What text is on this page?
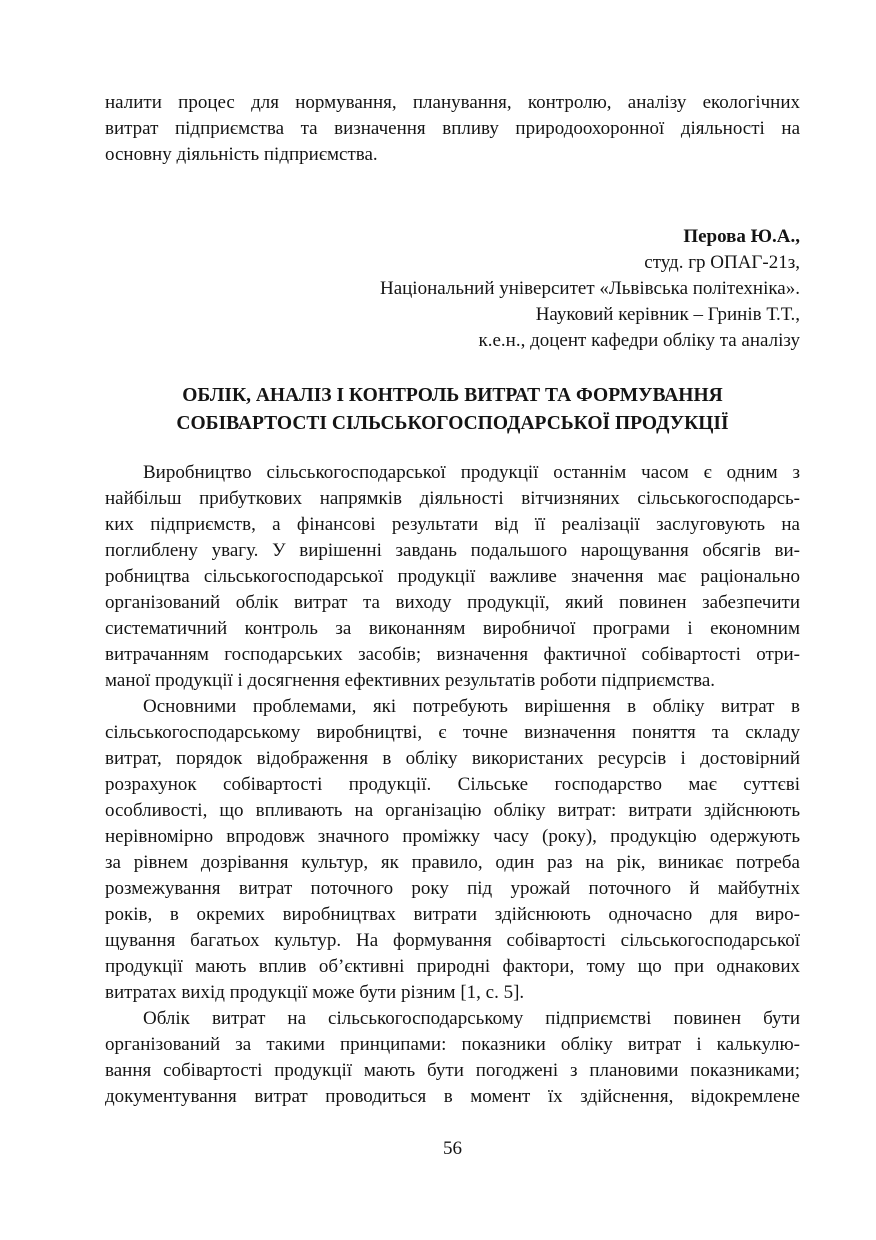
налити процес для нормування, планування, контролю, аналізу екологічних
витрат підприємства та визначення впливу природоохоронної діяльності на
основну діяльність підприємства.
Перова Ю.А.,
студ. гр ОПАГ-21з,
Національний університет «Львівська політехніка».
Науковий керівник – Гринів Т.Т.,
к.е.н., доцент кафедри обліку та аналізу
ОБЛІК, АНАЛІЗ І КОНТРОЛЬ ВИТРАТ ТА ФОРМУВАННЯ
СОБІВАРТОСТІ СІЛЬСЬКОГОСПОДАРСЬКОЇ ПРОДУКЦІЇ
Виробництво сільськогосподарської продукції останнім часом є одним з
найбільш прибуткових напрямків діяльності вітчизняних сільськогосподарсь-
ких підприємств, а фінансові результати від її реалізації заслуговують на
поглиблену увагу. У вирішенні завдань подальшого нарощування обсягів ви-
робництва сільськогосподарської продукції важливе значення має раціонально
організований облік витрат та виходу продукції, який повинен забезпечити
систематичний контроль за виконанням виробничої програми і економним
витрачанням господарських засобів; визначення фактичної собівартості отри-
маної продукції і досягнення ефективних результатів роботи підприємства.
Основними проблемами, які потребують вирішення в обліку витрат в
сільськогосподарському виробництві, є точне визначення поняття та складу
витрат, порядок відображення в обліку використаних ресурсів і достовірний
розрахунок собівартості продукції. Сільське господарство має суттєві
особливості, що впливають на організацію обліку витрат: витрати здійснюють
нерівномірно впродовж значного проміжку часу (року), продукцію одержують
за рівнем дозрівання культур, як правило, один раз на рік, виникає потреба
розмежування витрат поточного року під урожай поточного й майбутніх
років, в окремих виробництвах витрати здійснюють одночасно для виро-
щування багатьох культур. На формування собівартості сільськогосподарської
продукції мають вплив об’єктивні природні фактори, тому що при однакових
витратах вихід продукції може бути різним [1, с. 5].
Облік витрат на сільськогосподарському підприємстві повинен бути
організований за такими принципами: показники обліку витрат і калькулю-
вання собівартості продукції мають бути погоджені з плановими показниками;
документування витрат проводиться в момент їх здійснення, відокремлене
56
